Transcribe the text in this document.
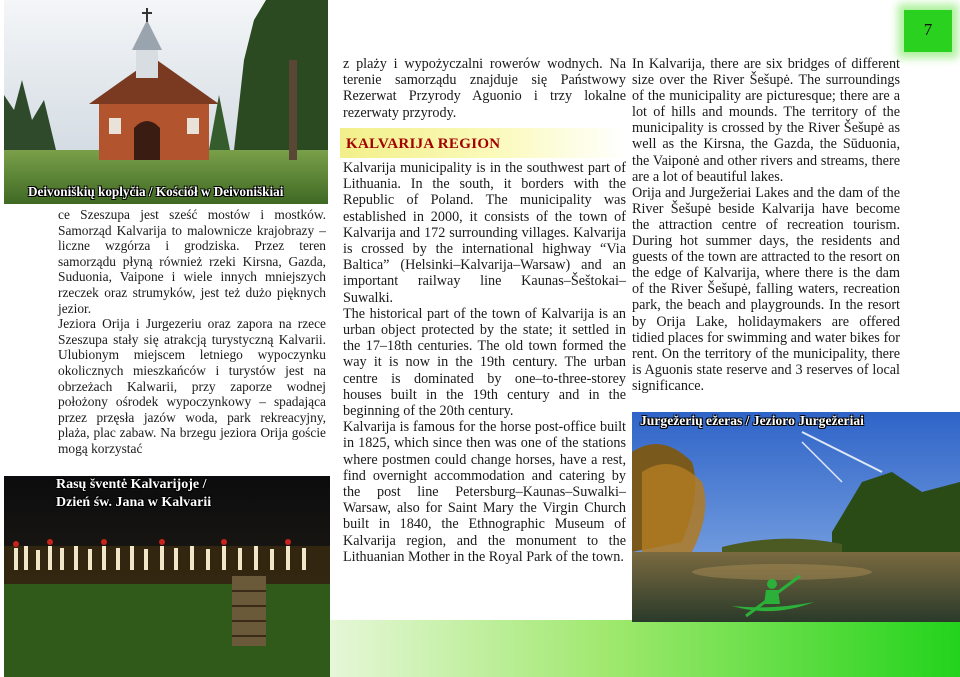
Deivoniškių koplyčia / Kościół w Deivoniškiai

ce Szeszupa jest sześć mostów i mostków. Samorząd Kalvarija to malownicze krajobrazy – liczne wzgórza i grodziska. Przez teren samorządu płyną również rzeki Kirsna, Gazda, Suduonia, Vaipone i wiele innych mniejszych rzeczek oraz strumyków, jest też dużo pięknych jezior.

Jeziora Orija i Jurgezeriu oraz zapora na rzece Szeszupa stały się atrakcją turystyczną Kalvarii. Ulubionym miejscem letniego wypoczynku okolicznych mieszkańców i turystów jest na obrzeżach Kalwarii, przy zaporze wodnej położony ośrodek wypoczynkowy – spadająca przez przęsła jazów woda, park rekreacyjny, plaża, plac zabaw. Na brzegu jeziora Orija goście mogą korzystać

Rasų šventė Kalvarijoje /
Dzień św. Jana w Kalvarii

z plaży i wypożyczalni rowerów wodnych. Na terenie samorządu znajduje się Państwowy Rezerwat Przyrody Aguonio i trzy lokalne rezerwaty przyrody.

KALVARIJA REGION

Kalvarija municipality is in the southwest part of Lithuania. In the south, it borders with the Republic of Poland. The municipality was established in 2000, it consists of the town of Kalvarija and 172 surrounding villages. Kalvarija is crossed by the international highway “Via Baltica” (Helsinki–Kalvarija–Warsaw) and an important railway line Kaunas–Šeštokai–Suwalki.

The historical part of the town of Kalvarija is an urban object protected by the state; it settled in the 17–18th centuries. The old town formed the way it is now in the 19th century. The urban centre is dominated by one–to-three-storey houses built in the 19th century and in the beginning of the 20th century.

Kalvarija is famous for the horse post-office built in 1825, which since then was one of the stations where postmen could change horses, have a rest, find overnight accommodation and catering by the post line Petersburg–Kaunas–Suwalki–Warsaw, also for Saint Mary the Virgin Church built in 1840, the Ethnographic Museum of Kalvarija region, and the monument to the Lithuanian Mother in the Royal Park of the town.

In Kalvarija, there are six bridges of different size over the River Šešupė. The surroundings of the municipality are picturesque; there are a lot of hills and mounds. The territory of the municipality is crossed by the River Šešupė as well as the Kirsna, the Gazda, the Sūduonia, the Vaiponė and other rivers and streams, there are a lot of beautiful lakes.

Orija and Jurgežeriai Lakes and the dam of the River Šešupė beside Kalvarija have become the attraction centre of recreation tourism. During hot summer days, the residents and guests of the town are attracted to the resort on the edge of Kalvarija, where there is the dam of the River Šešupė, falling waters, recreation park, the beach and playgrounds. In the resort by Orija Lake, holidaymakers are offered tidied places for swimming and water bikes for rent. On the territory of the municipality, there is Aguonis state reserve and 3 reserves of local significance.

7
Jurgežerių ežeras / Jezioro Jurgežeriai
